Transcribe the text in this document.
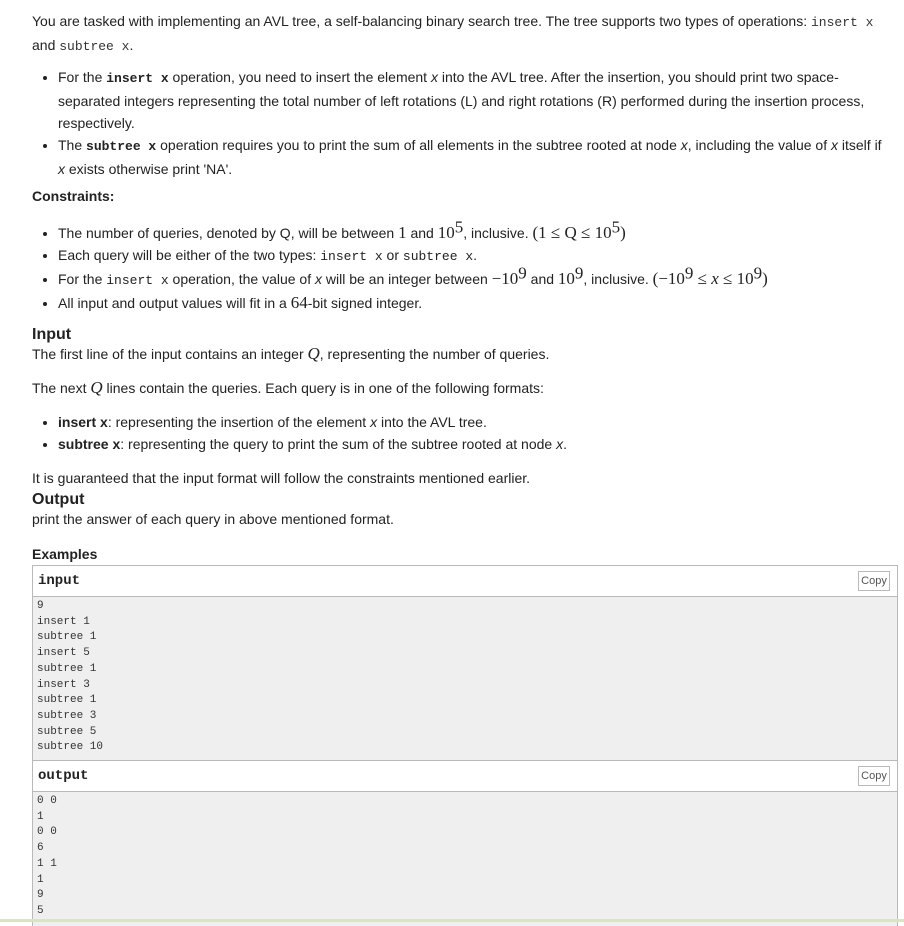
You are tasked with implementing an AVL tree, a self-balancing binary search tree. The tree supports two types of operations: insert x
and subtree x.
• For the insert x operation, you need to insert the element x into the AVL tree. After the insertion, you should print two space-
separated integers representing the total number of left rotations (L) and right rotations (R) performed during the insertion process,
respectively.
• The subtree x operation requires you to print the sum of all elements in the subtree rooted at node x, including the value of x itself if
x exists otherwise print 'NA'.
Constraints:
• The number of queries, denoted by Q, will be between 1 and $10^5$, inclusive. $(1 \le Q \le 10^5)$
• Each query will be either of the two types: insert x or subtree x.
• For the insert x operation, the value of x will be an integer between $-10^9$ and $10^9$, inclusive. $(-10^9 \le x \le 10^9)$
• All input and output values will fit in a 64-bit signed integer.
Input
The first line of the input contains an integer Q, representing the number of queries.
The next Q lines contain the queries. Each query is in one of the following formats:
• insert x: representing the insertion of the element x into the AVL tree.
• subtree x: representing the query to print the sum of the subtree rooted at node x.
It is guaranteed that the input format will follow the constraints mentioned earlier.
Output
print the answer of each query in above mentioned format.
Examples
input	Copy
9
insert 1
subtree 1
insert 5
subtree 1
insert 3
subtree 1
subtree 3
subtree 5
subtree 10
output	Copy
0 0
1
0 0
6
1 1
1
9
5
